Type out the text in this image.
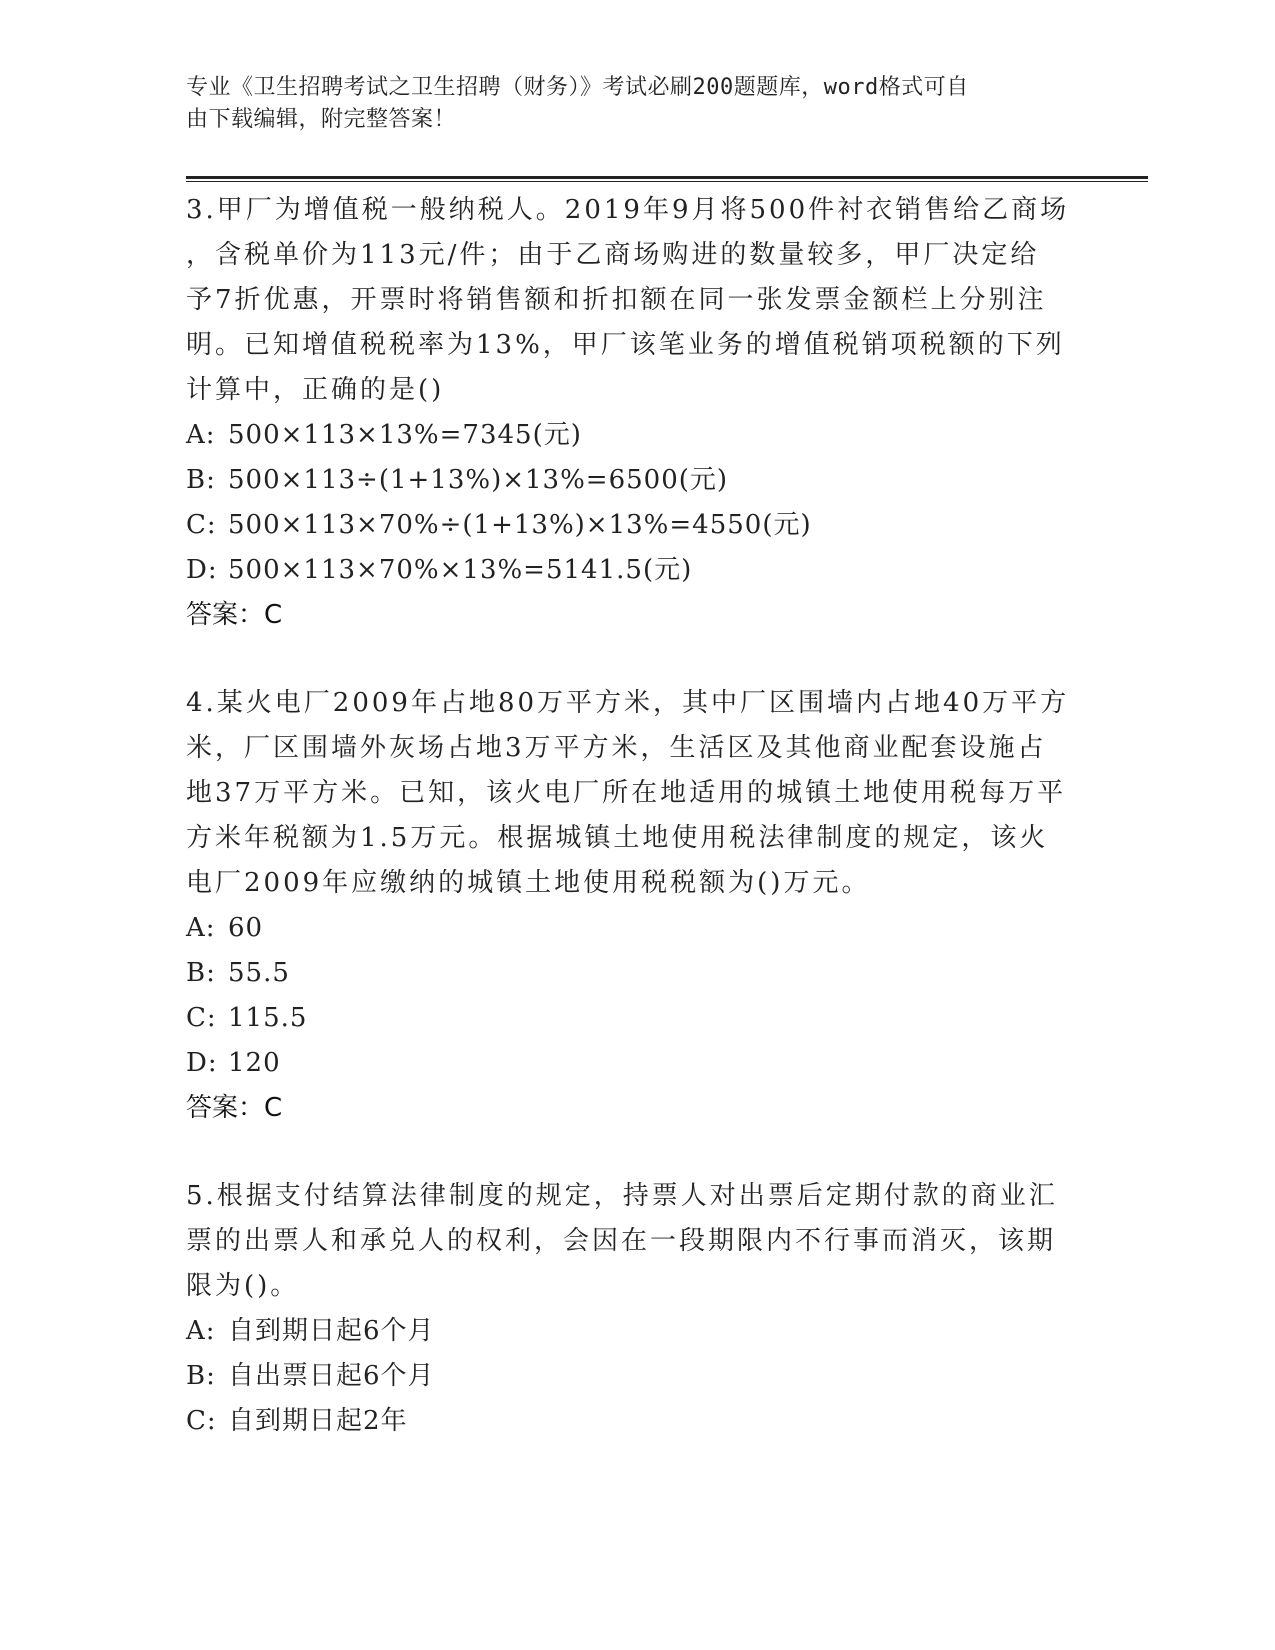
专业《卫生招聘考试之卫生招聘（财务）》考试必刷200题题库，word格式可自
由下载编辑，附完整答案！
3.甲厂为增值税一般纳税人。2019年9月将500件衬衣销售给乙商场
，含税单价为113元/件；由于乙商场购进的数量较多，甲厂决定给
予7折优惠，开票时将销售额和折扣额在同一张发票金额栏上分别注
明。已知增值税税率为13%，甲厂该笔业务的增值税销项税额的下列
计算中，正确的是()
A: 500×113×13%=7345(元)
B: 500×113÷(1+13%)×13%=6500(元)
C: 500×113×70%÷(1+13%)×13%=4550(元)
D: 500×113×70%×13%=5141.5(元)
答案：C
4.某火电厂2009年占地80万平方米，其中厂区围墙内占地40万平方
米，厂区围墙外灰场占地3万平方米，生活区及其他商业配套设施占
地37万平方米。已知，该火电厂所在地适用的城镇土地使用税每万平
方米年税额为1.5万元。根据城镇土地使用税法律制度的规定，该火
电厂2009年应缴纳的城镇土地使用税税额为()万元。
A: 60
B: 55.5
C: 115.5
D: 120
答案：C
5.根据支付结算法律制度的规定，持票人对出票后定期付款的商业汇
票的出票人和承兑人的权利，会因在一段期限内不行事而消灭，该期
限为()。
A: 自到期日起6个月
B: 自出票日起6个月
C: 自到期日起2年
